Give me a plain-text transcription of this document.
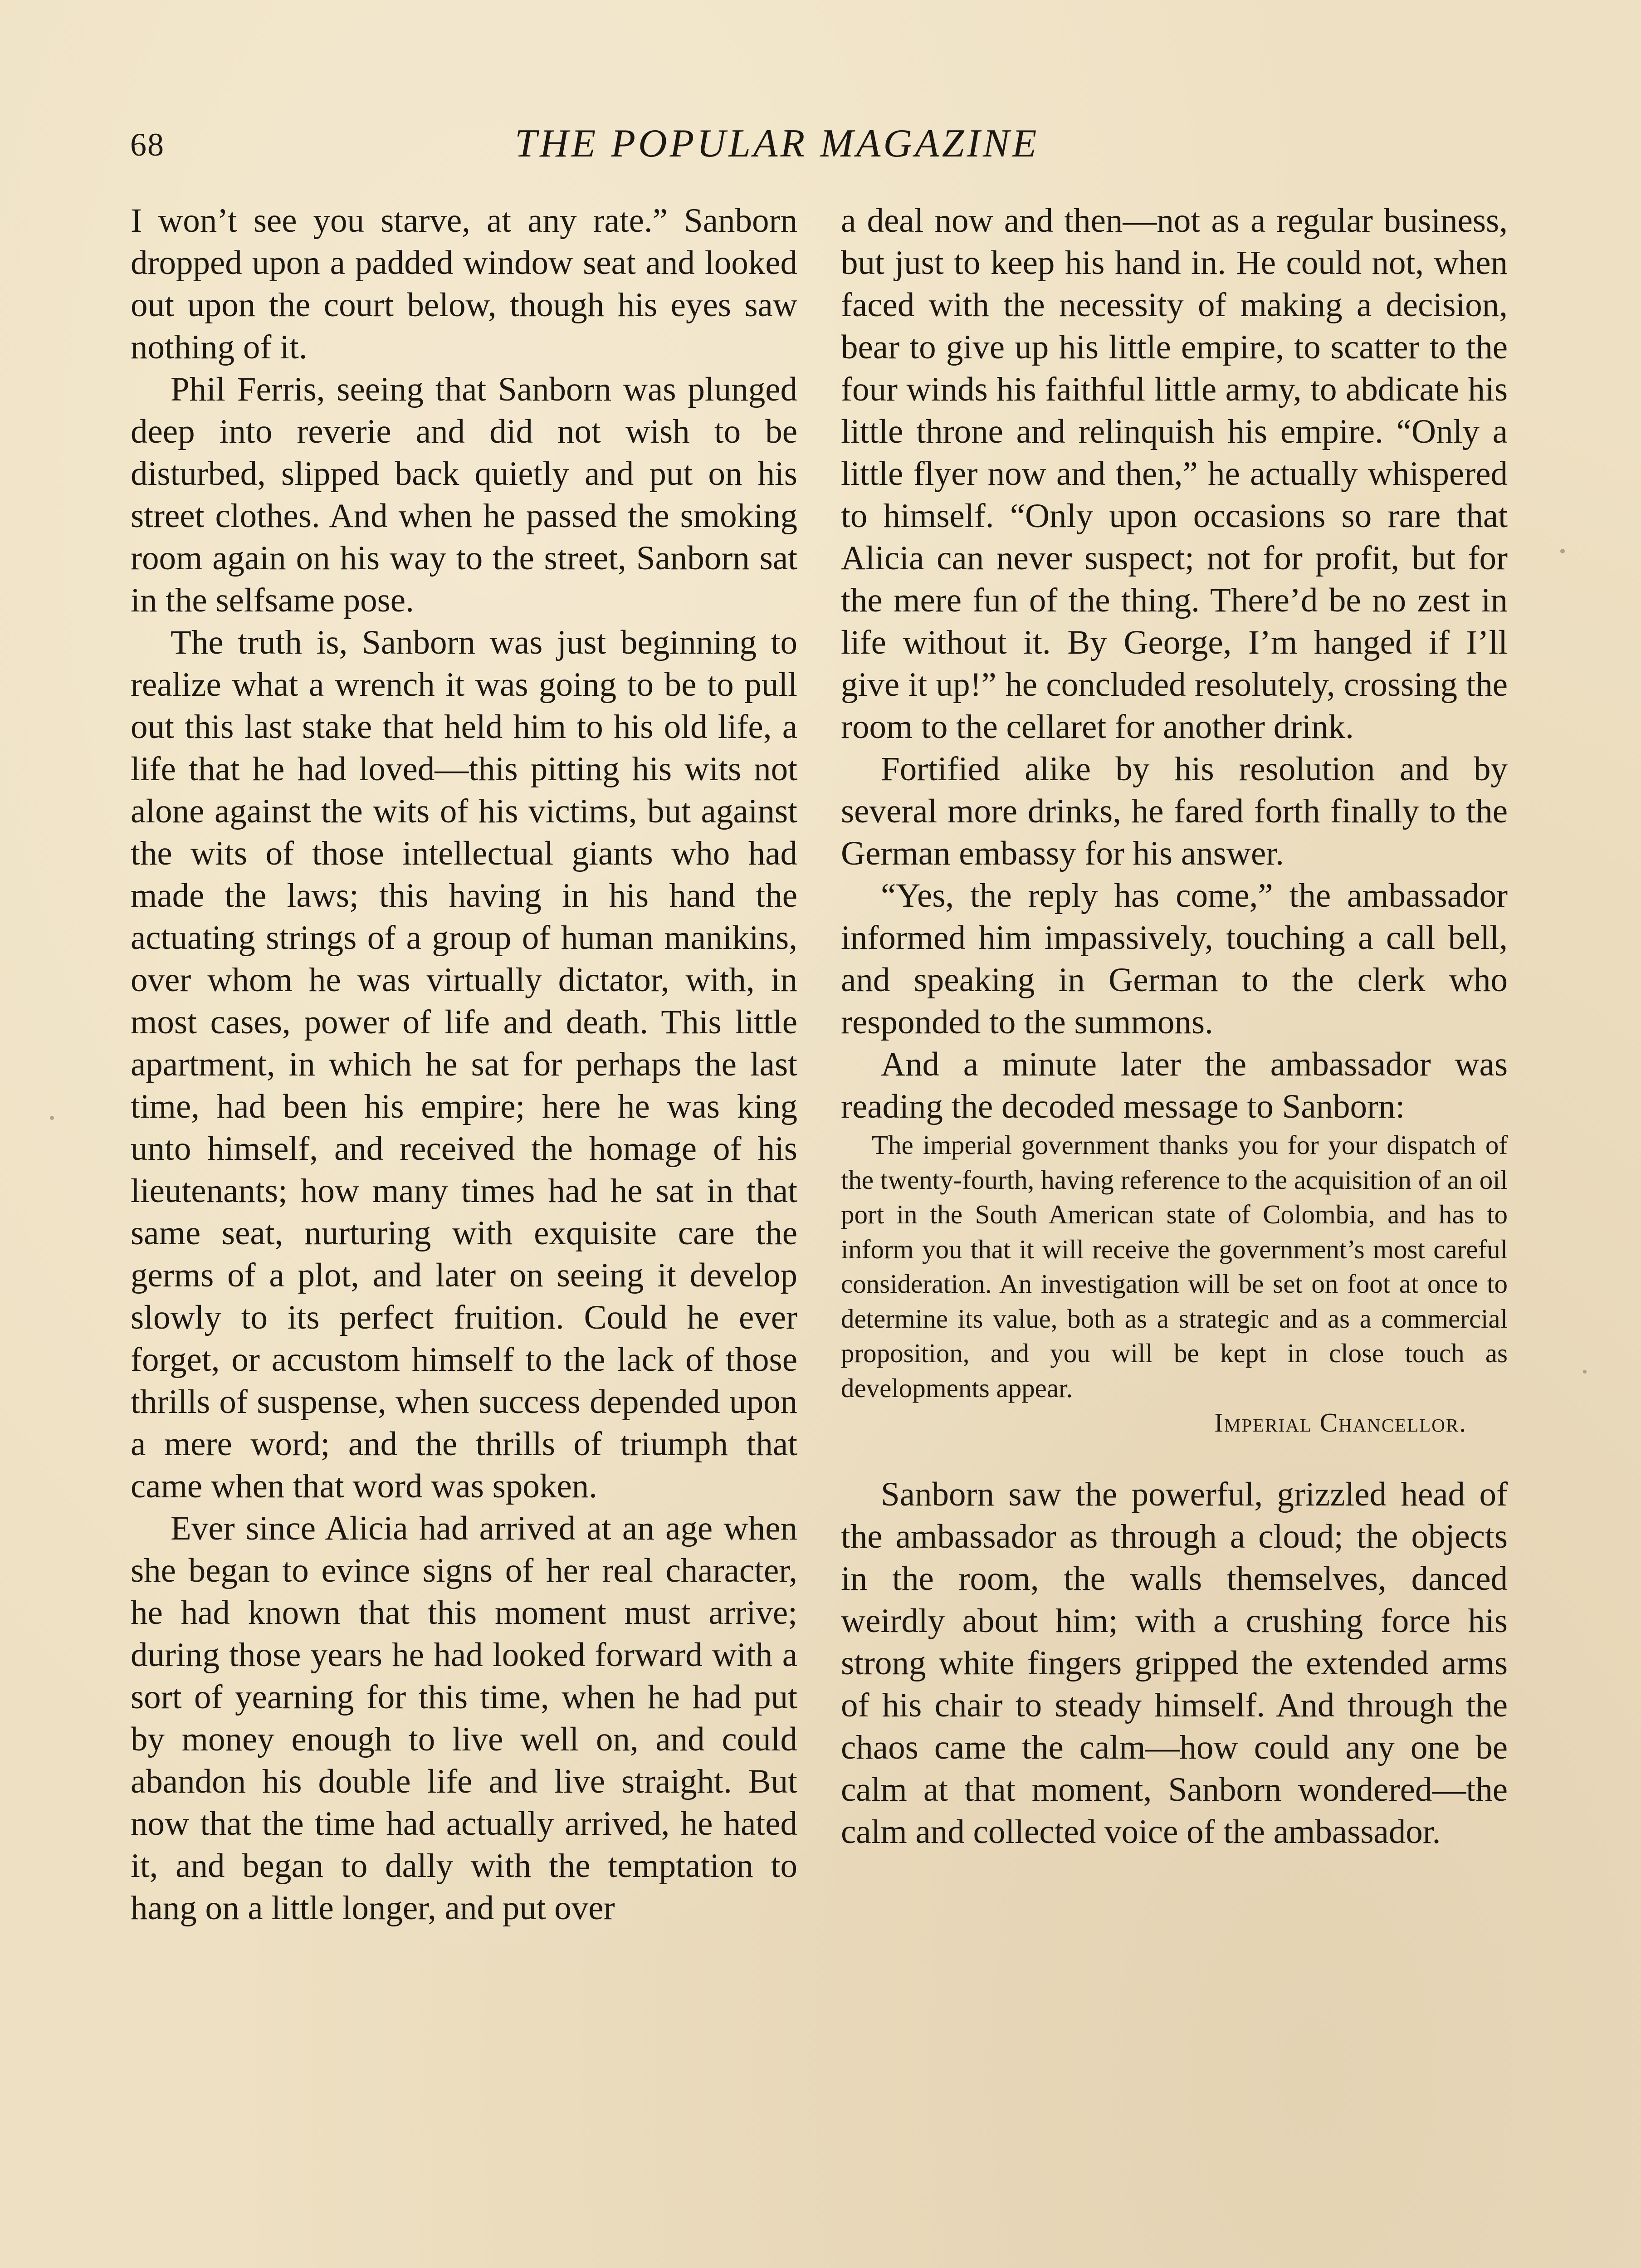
68	THE POPULAR MAGAZINE

I won’t see you starve, at any rate.” Sanborn dropped upon a padded window seat and looked out upon the court below, though his eyes saw nothing of it.

Phil Ferris, seeing that Sanborn was plunged deep into reverie and did not wish to be disturbed, slipped back quietly and put on his street clothes. And when he passed the smoking room again on his way to the street, Sanborn sat in the selfsame pose.

The truth is, Sanborn was just beginning to realize what a wrench it was going to be to pull out this last stake that held him to his old life, a life that he had loved—this pitting his wits not alone against the wits of his victims, but against the wits of those intellectual giants who had made the laws; this having in his hand the actuating strings of a group of human manikins, over whom he was virtually dictator, with, in most cases, power of life and death. This little apartment, in which he sat for perhaps the last time, had been his empire; here he was king unto himself, and received the homage of his lieutenants; how many times had he sat in that same seat, nurturing with exquisite care the germs of a plot, and later on seeing it develop slowly to its perfect fruition. Could he ever forget, or accustom himself to the lack of those thrills of suspense, when success depended upon a mere word; and the thrills of triumph that came when that word was spoken.

Ever since Alicia had arrived at an age when she began to evince signs of her real character, he had known that this moment must arrive; during those years he had looked forward with a sort of yearning for this time, when he had put by money enough to live well on, and could abandon his double life and live straight. But now that the time had actually arrived, he hated it, and began to dally with the temptation to hang on a little longer, and put over

a deal now and then—not as a regular business, but just to keep his hand in. He could not, when faced with the necessity of making a decision, bear to give up his little empire, to scatter to the four winds his faithful little army, to abdicate his little throne and relinquish his empire. “Only a little flyer now and then,” he actually whispered to himself. “Only upon occasions so rare that Alicia can never suspect; not for profit, but for the mere fun of the thing. There’d be no zest in life without it. By George, I’m hanged if I’ll give it up!” he concluded resolutely, crossing the room to the cellaret for another drink.

Fortified alike by his resolution and by several more drinks, he fared forth finally to the German embassy for his answer.

“Yes, the reply has come,” the ambassador informed him impassively, touching a call bell, and speaking in German to the clerk who responded to the summons.

And a minute later the ambassador was reading the decoded message to Sanborn:

The imperial government thanks you for your dispatch of the twenty-fourth, having reference to the acquisition of an oil port in the South American state of Colombia, and has to inform you that it will receive the government’s most careful consideration. An investigation will be set on foot at once to determine its value, both as a strategic and as a commercial proposition, and you will be kept in close touch as developments appear.

Imperial Chancellor.

Sanborn saw the powerful, grizzled head of the ambassador as through a cloud; the objects in the room, the walls themselves, danced weirdly about him; with a crushing force his strong white fingers gripped the extended arms of his chair to steady himself. And through the chaos came the calm—how could any one be calm at that moment, Sanborn wondered—the calm and collected voice of the ambassador.
